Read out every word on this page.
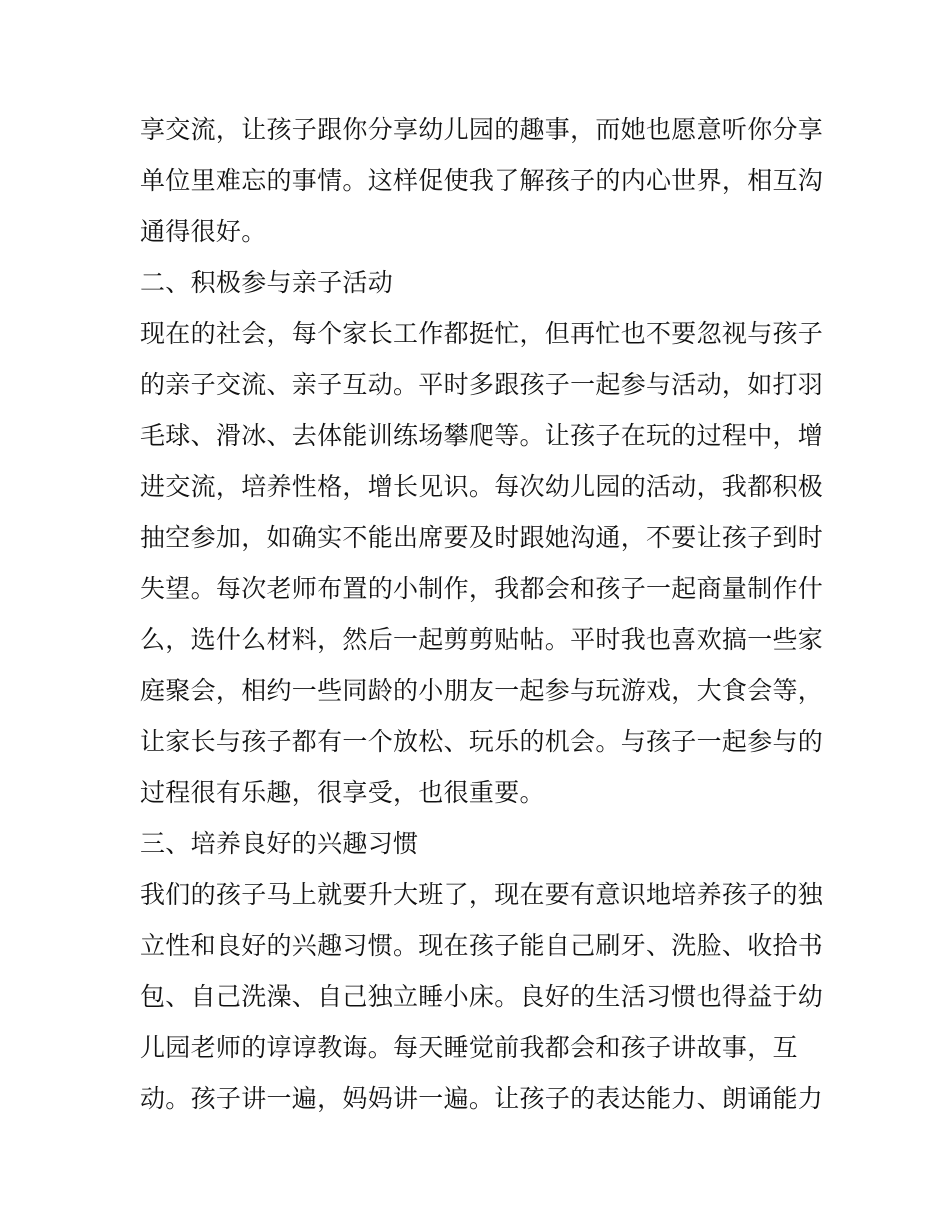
享交流，让孩子跟你分享幼儿园的趣事，而她也愿意听你分享
单位里难忘的事情。这样促使我了解孩子的内心世界，相互沟
通得很好。
二、积极参与亲子活动
现在的社会，每个家长工作都挺忙，但再忙也不要忽视与孩子
的亲子交流、亲子互动。平时多跟孩子一起参与活动，如打羽
毛球、滑冰、去体能训练场攀爬等。让孩子在玩的过程中，增
进交流，培养性格，增长见识。每次幼儿园的活动，我都积极
抽空参加，如确实不能出席要及时跟她沟通，不要让孩子到时
失望。每次老师布置的小制作，我都会和孩子一起商量制作什
么，选什么材料，然后一起剪剪贴帖。平时我也喜欢搞一些家
庭聚会，相约一些同龄的小朋友一起参与玩游戏，大食会等，
让家长与孩子都有一个放松、玩乐的机会。与孩子一起参与的
过程很有乐趣，很享受，也很重要。
三、培养良好的兴趣习惯
我们的孩子马上就要升大班了，现在要有意识地培养孩子的独
立性和良好的兴趣习惯。现在孩子能自己刷牙、洗脸、收拾书
包、自己洗澡、自己独立睡小床。良好的生活习惯也得益于幼
儿园老师的谆谆教诲。每天睡觉前我都会和孩子讲故事，互
动。孩子讲一遍，妈妈讲一遍。让孩子的表达能力、朗诵能力
